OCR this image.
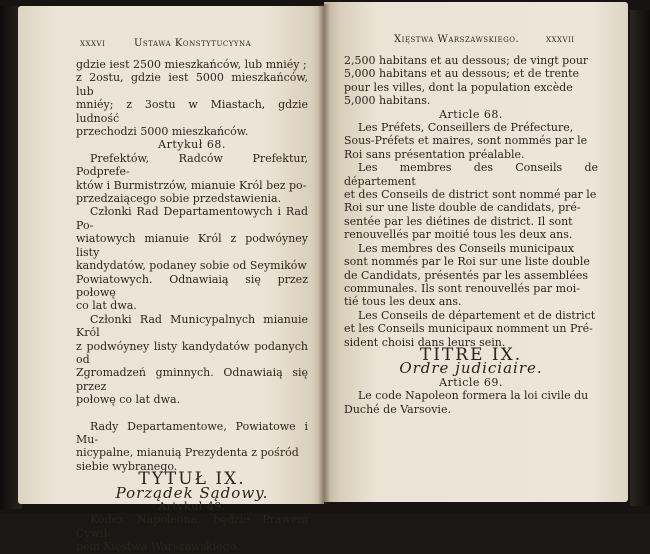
xxxvi	Ustawa Konstytucyyna

gdzie iest 2500 mieszkańców, lub mniéy ;

z 2ostu, gdzie iest 5000 mieszkańców, lub

mniéy; z 3ostu w Miastach, gdzie ludność

przechodzi 5000 mieszkańców.

Artykuł 68.

Prefektów, Radców Prefektur, Podprefe-

któw i Burmistrzów, mianuie Król bez po-

przedzaiącego sobie przedstawienia.

Członki Rad Departamentowych i Rad Po-

wiatowych mianuie Król z podwóyney listy

kandydatów, podaney sobie od Seymików

Powiatowych. Odnawiaią się przez połowę

co lat dwa.

Członki Rad Municypalnych mianuie Król

z podwóyney listy kandydatów podanych od

Zgromadzeń gminnych. Odnawiaią się przez

połowę co lat dwa.

Rady Departamentowe, Powiatowe i Mu-

nicypalne, mianuią Prezydenta z pośród

siebie wybranego.

TYTUŁ IX.

Porządek Sądowy.

Artykuł 49.

Kodex Napoleona, będzie Prawem Cywil-

pém Xięstwa Warszawskiego.

Xięstwa Warszawskiego.	xxxvii

2,500 habitans et au dessous; de vingt pour

5,000 habitans et au dessous; et de trente

pour les villes, dont la population excède

5,000 habitans.

Article 68.

Les Préfets, Conseillers de Préfecture,

Sous-Préfets et maires, sont nommés par le

Roi sans présentation préalable.

Les membres des Conseils de département

et des Conseils de district sont nommé par le

Roi sur une liste double de candidats, pré-

sentée par les diétines de district. Il sont

renouvellés par moitié tous les deux ans.

Les membres des Conseils municipaux

sont nommés par le Roi sur une liste double

de Candidats, présentés par les assemblées

communales. Ils sont renouvellés par moi-

tié tous les deux ans.

Les Conseils de département et de district

et les Conseils municipaux nomment un Pré-

sident choisi dans leurs sein.

TITRE IX.

Ordre judiciaire.

Article 69.

Le code Napoleon formera la loi civile du

Duché de Varsovie.
